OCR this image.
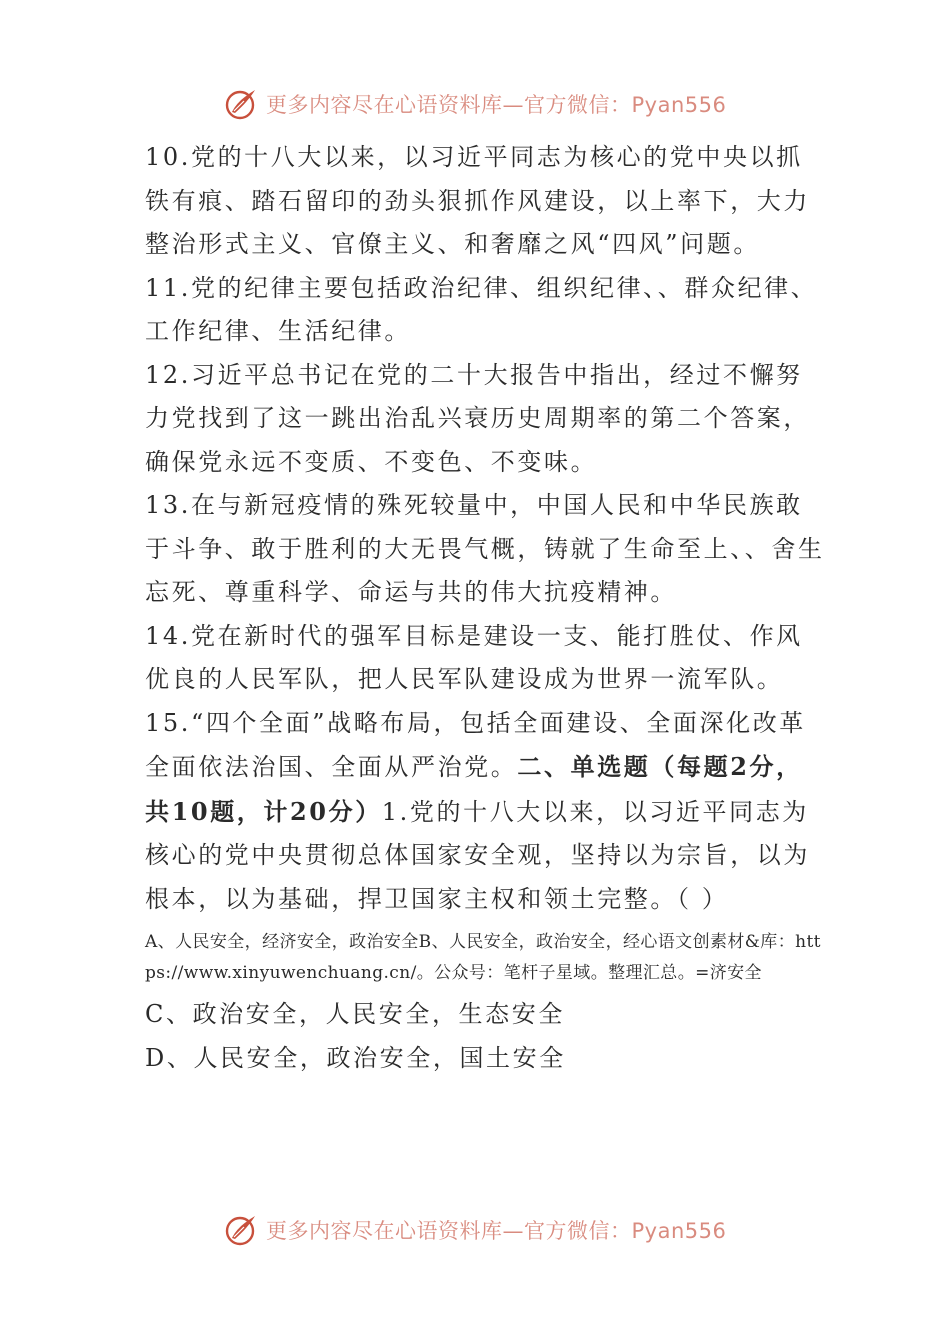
更多内容尽在心语资料库—官方微信：Pyan556

10.党的十八大以来，以习近平同志为核心的党中央以抓铁有痕、踏石留印的劲头狠抓作风建设，以上率下，大力整治形式主义、官僚主义、和奢靡之风“四风”问题。

11.党的纪律主要包括政治纪律、组织纪律、、群众纪律、工作纪律、生活纪律。

12.习近平总书记在党的二十大报告中指出，经过不懈努力党找到了这一跳出治乱兴衰历史周期率的第二个答案，确保党永远不变质、不变色、不变味。

13.在与新冠疫情的殊死较量中，中国人民和中华民族敢于斗争、敢于胜利的大无畏气概，铸就了生命至上、、舍生忘死、尊重科学、命运与共的伟大抗疫精神。

14.党在新时代的强军目标是建设一支、能打胜仗、作风优良的人民军队，把人民军队建设成为世界一流军队。

15.“四个全面”战略布局，包括全面建设、全面深化改革全面依法治国、全面从严治党。二、单选题（每题2分，共10题，计20分）1.党的十八大以来，以习近平同志为核心的党中央贯彻总体国家安全观，坚持以为宗旨，以为根本，以为基础，捍卫国家主权和领土完整。（ ）

A、人民安全，经济安全，政治安全B、人民安全，政治安全，经心语文创素材&库：https://www.xinyuwenchuang.cn/。公众号：笔杆子星域。整理汇总。=济安全

C、政治安全，人民安全，生态安全

D、人民安全，政治安全，国土安全

更多内容尽在心语资料库—官方微信：Pyan556
